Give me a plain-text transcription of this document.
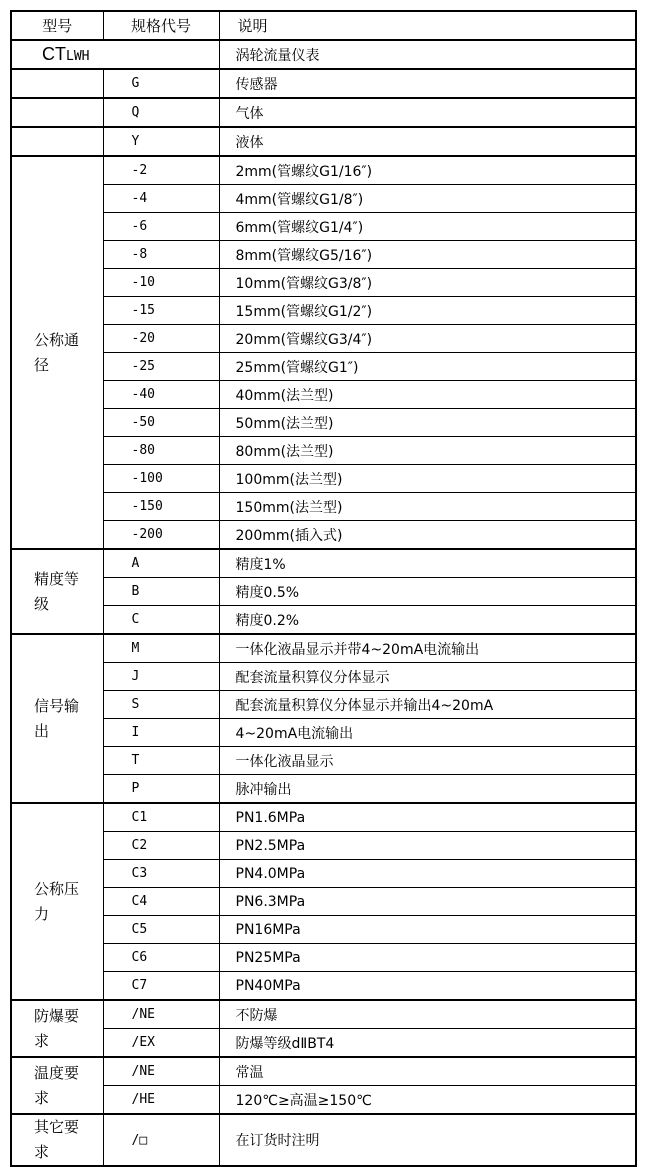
型号	规格代号	说明
CTLWH		涡轮流量仪表
	G	传感器
	Q	气体
	Y	液体
公称通径	-2	2mm(管螺纹G1/16″)
	-4	4mm(管螺纹G1/8″)
	-6	6mm(管螺纹G1/4″)
	-8	8mm(管螺纹G5/16″)
	-10	10mm(管螺纹G3/8″)
	-15	15mm(管螺纹G1/2″)
	-20	20mm(管螺纹G3/4″)
	-25	25mm(管螺纹G1″)
	-40	40mm(法兰型)
	-50	50mm(法兰型)
	-80	80mm(法兰型)
	-100	100mm(法兰型)
	-150	150mm(法兰型)
	-200	200mm(插入式)
精度等级	A	精度1%
	B	精度0.5%
	C	精度0.2%
信号输出	M	一体化液晶显示并带4~20mA电流输出
	J	配套流量积算仪分体显示
	S	配套流量积算仪分体显示并输出4~20mA
	I	4~20mA电流输出
	T	一体化液晶显示
	P	脉冲输出
公称压力	C1	PN1.6MPa
	C2	PN2.5MPa
	C3	PN4.0MPa
	C4	PN6.3MPa
	C5	PN16MPa
	C6	PN25MPa
	C7	PN40MPa
防爆要求	/NE	不防爆
	/EX	防爆等级dⅡBT4
温度要求	/NE	常温
	/HE	120℃≥高温≥150℃
其它要求	/□	在订货时注明
